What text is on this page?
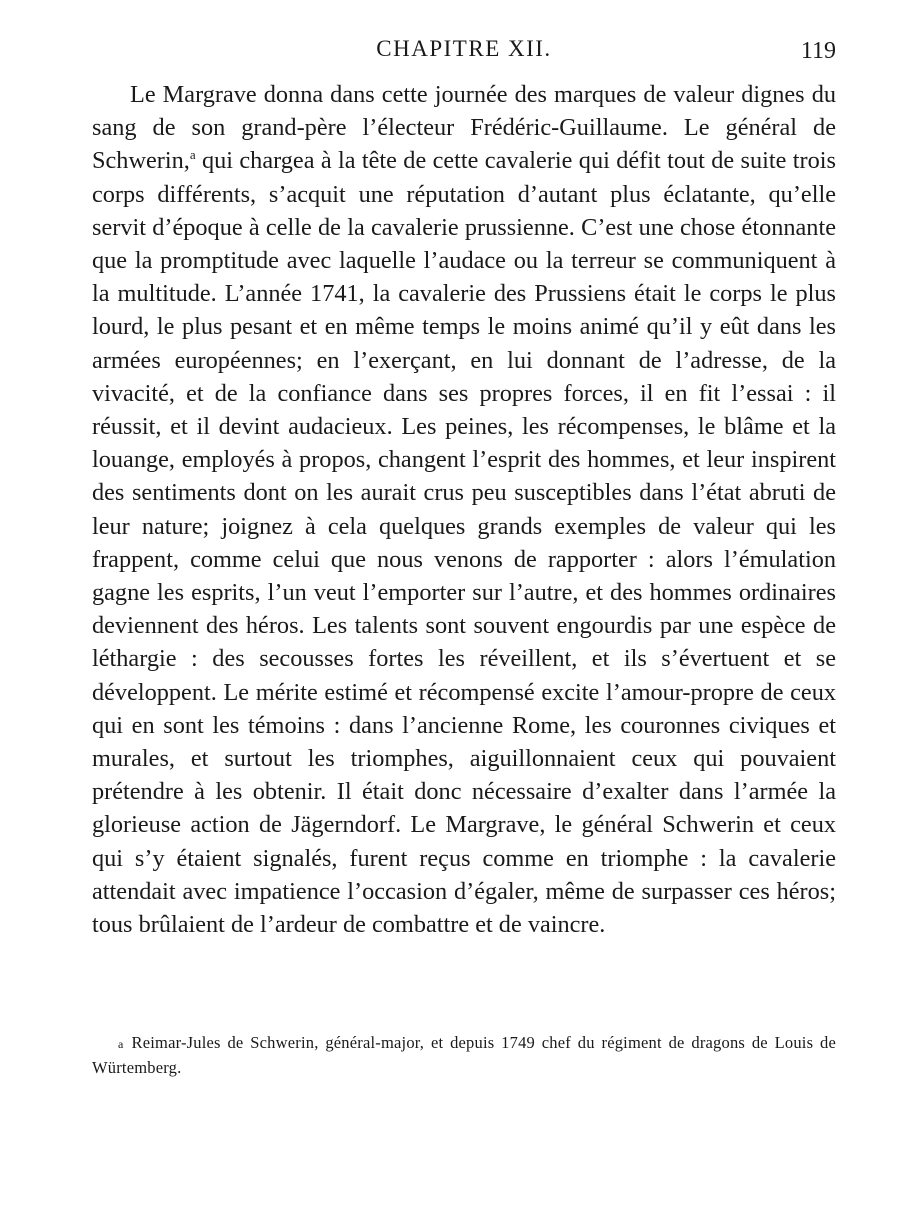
CHAPITRE XII.	119

Le Margrave donna dans cette journée des marques de valeur dignes du sang de son grand-père l’électeur Frédéric-Guillaume. Le général de Schwerin,$^a$ qui chargea à la tête de cette cavalerie qui défit tout de suite trois corps différents, s’acquit une réputation d’autant plus éclatante, qu’elle servit d’époque à celle de la cavalerie prussienne. C’est une chose étonnante que la promptitude avec laquelle l’audace ou la terreur se communiquent à la multitude. L’année 1741, la cavalerie des Prussiens était le corps le plus lourd, le plus pesant et en même temps le moins animé qu’il y eût dans les armées européennes; en l’exerçant, en lui donnant de l’adresse, de la vivacité, et de la confiance dans ses propres forces, il en fit l’essai : il réussit, et il devint audacieux. Les peines, les récompenses, le blâme et la louange, employés à propos, changent l’esprit des hommes, et leur inspirent des sentiments dont on les aurait crus peu susceptibles dans l’état abruti de leur nature; joignez à cela quelques grands exemples de valeur qui les frappent, comme celui que nous venons de rapporter : alors l’émulation gagne les esprits, l’un veut l’emporter sur l’autre, et des hommes ordinaires deviennent des héros. Les talents sont souvent engourdis par une espèce de léthargie : des secousses fortes les réveillent, et ils s’évertuent et se développent. Le mérite estimé et récompensé excite l’amour-propre de ceux qui en sont les témoins : dans l’ancienne Rome, les couronnes civiques et murales, et surtout les triomphes, aiguillonnaient ceux qui pouvaient prétendre à les obtenir. Il était donc nécessaire d’exalter dans l’armée la glorieuse action de Jägerndorf. Le Margrave, le général Schwerin et ceux qui s’y étaient signalés, furent reçus comme en triomphe : la cavalerie attendait avec impatience l’occasion d’égaler, même de surpasser ces héros; tous brûlaient de l’ardeur de combattre et de vaincre.

a Reimar-Jules de Schwerin, général-major, et depuis 1749 chef du régiment de dragons de Louis de Würtemberg.
